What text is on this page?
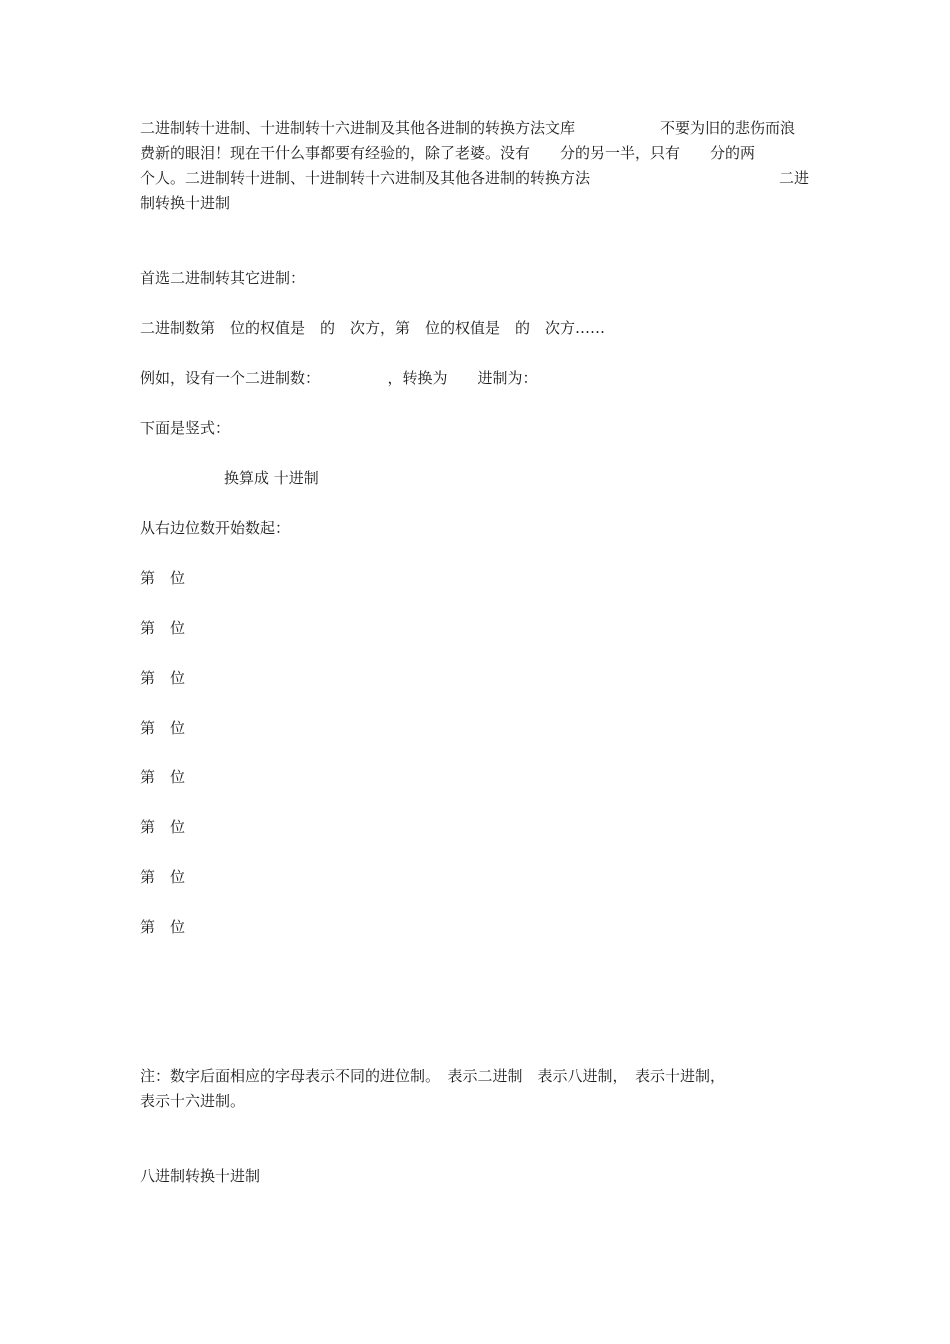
二进制转十进制、十进制转十六进制及其他各进制的转换方法文库	不要为旧的悲伤而浪
费新的眼泪！现在干什么事都要有经验的，除了老婆。没有　　分的另一半，只有　　分的两
个人。二进制转十进制、十进制转十六进制及其他各进制的转换方法	二进
制转换十进制
首选二进制转其它进制：
二进制数第　位的权值是　的　次方，第　位的权值是　的　次方……
例如，设有一个二进制数：　　　　　，转换为　　进制为：
下面是竖式：
换算成 十进制
从右边位数开始数起：
第　位
第　位
第　位
第　位
第　位
第　位
第　位
第　位
注：数字后面相应的字母表示不同的进位制。　表示二进制　表示八进制，　表示十进制，
表示十六进制。
八进制转换十进制
